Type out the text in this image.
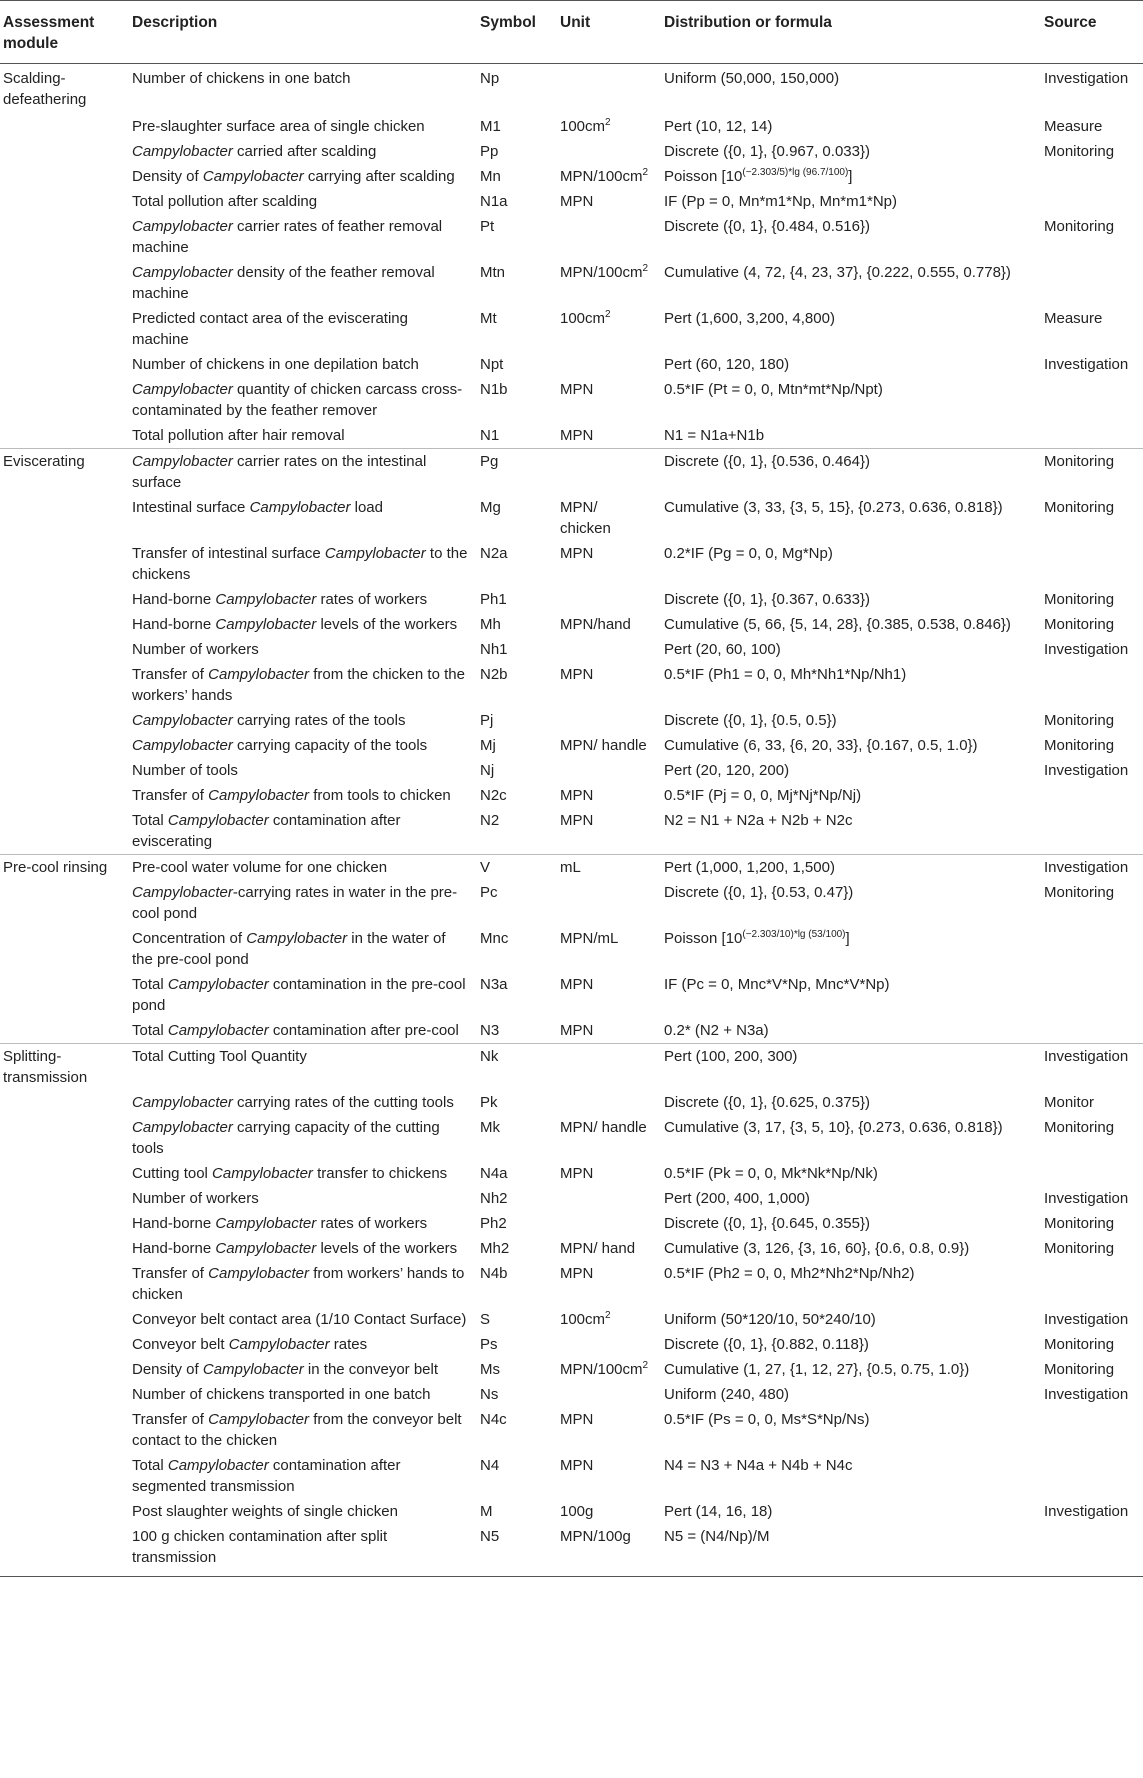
Assessment module	Description	Symbol	Unit	Distribution or formula	Source
Scalding-defeathering	Number of chickens in one batch	Np		Uniform (50,000, 150,000)	Investigation
	Pre-slaughter surface area of single chicken	M1	$100cm^2$	Pert (10, 12, 14)	Measure
	Campylobacter carried after scalding	Pp		Discrete ({0, 1}, {0.967, 0.033})	Monitoring
	Density of Campylobacter carrying after scalding	Mn	MPN/$100cm^2$	Poisson $[10^{(-2.303/5)*lg (96.7/100)}]$	
	Total pollution after scalding	N1a	MPN	IF (Pp = 0, Mn*m1*Np, Mn*m1*Np)	
	Campylobacter carrier rates of feather removal machine	Pt		Discrete ({0, 1}, {0.484, 0.516})	Monitoring
	Campylobacter density of the feather removal machine	Mtn	MPN/$100cm^2$	Cumulative (4, 72, {4, 23, 37}, {0.222, 0.555, 0.778})	
	Predicted contact area of the eviscerating machine	Mt	$100cm^2$	Pert (1,600, 3,200, 4,800)	Measure
	Number of chickens in one depilation batch	Npt		Pert (60, 120, 180)	Investigation
	Campylobacter quantity of chicken carcass cross-contaminated by the feather remover	N1b	MPN	0.5*IF (Pt = 0, 0, Mtn*mt*Np/Npt)	
	Total pollution after hair removal	N1	MPN	N1 = N1a+N1b	
Eviscerating	Campylobacter carrier rates on the intestinal surface	Pg		Discrete ({0, 1}, {0.536, 0.464})	Monitoring
	Intestinal surface Campylobacter load	Mg	MPN/ chicken	Cumulative (3, 33, {3, 5, 15}, {0.273, 0.636, 0.818})	Monitoring
	Transfer of intestinal surface Campylobacter to the chickens	N2a	MPN	0.2*IF (Pg = 0, 0, Mg*Np)	
	Hand-borne Campylobacter rates of workers	Ph1		Discrete ({0, 1}, {0.367, 0.633})	Monitoring
	Hand-borne Campylobacter levels of the workers	Mh	MPN/hand	Cumulative (5, 66, {5, 14, 28}, {0.385, 0.538, 0.846})	Monitoring
	Number of workers	Nh1		Pert (20, 60, 100)	Investigation
	Transfer of Campylobacter from the chicken to the workers’ hands	N2b	MPN	0.5*IF (Ph1 = 0, 0, Mh*Nh1*Np/Nh1)	
	Campylobacter carrying rates of the tools	Pj		Discrete ({0, 1}, {0.5, 0.5})	Monitoring
	Campylobacter carrying capacity of the tools	Mj	MPN/ handle	Cumulative (6, 33, {6, 20, 33}, {0.167, 0.5, 1.0})	Monitoring
	Number of tools	Nj		Pert (20, 120, 200)	Investigation
	Transfer of Campylobacter from tools to chicken	N2c	MPN	0.5*IF (Pj = 0, 0, Mj*Nj*Np/Nj)	
	Total Campylobacter contamination after eviscerating	N2	MPN	N2 = N1 + N2a + N2b + N2c	
Pre-cool rinsing	Pre-cool water volume for one chicken	V	mL	Pert (1,000, 1,200, 1,500)	Investigation
	Campylobacter-carrying rates in water in the pre-cool pond	Pc		Discrete ({0, 1}, {0.53, 0.47})	Monitoring
	Concentration of Campylobacter in the water of the pre-cool pond	Mnc	MPN/mL	Poisson $[10^{(-2.303/10)*lg (53/100)}]$	
	Total Campylobacter contamination in the pre-cool pond	N3a	MPN	IF (Pc = 0, Mnc*V*Np, Mnc*V*Np)	
	Total Campylobacter contamination after pre-cool	N3	MPN	0.2* (N2 + N3a)	
Splitting-transmission	Total Cutting Tool Quantity	Nk		Pert (100, 200, 300)	Investigation
	Campylobacter carrying rates of the cutting tools	Pk		Discrete ({0, 1}, {0.625, 0.375})	Monitor
	Campylobacter carrying capacity of the cutting tools	Mk	MPN/ handle	Cumulative (3, 17, {3, 5, 10}, {0.273, 0.636, 0.818})	Monitoring
	Cutting tool Campylobacter transfer to chickens	N4a	MPN	0.5*IF (Pk = 0, 0, Mk*Nk*Np/Nk)	
	Number of workers	Nh2		Pert (200, 400, 1,000)	Investigation
	Hand-borne Campylobacter rates of workers	Ph2		Discrete ({0, 1}, {0.645, 0.355})	Monitoring
	Hand-borne Campylobacter levels of the workers	Mh2	MPN/ hand	Cumulative (3, 126, {3, 16, 60}, {0.6, 0.8, 0.9})	Monitoring
	Transfer of Campylobacter from workers’ hands to chicken	N4b	MPN	0.5*IF (Ph2 = 0, 0, Mh2*Nh2*Np/Nh2)	
	Conveyor belt contact area (1/10 Contact Surface)	S	$100cm^2$	Uniform (50*120/10, 50*240/10)	Investigation
	Conveyor belt Campylobacter rates	Ps		Discrete ({0, 1}, {0.882, 0.118})	Monitoring
	Density of Campylobacter in the conveyor belt	Ms	MPN/$100cm^2$	Cumulative (1, 27, {1, 12, 27}, {0.5, 0.75, 1.0})	Monitoring
	Number of chickens transported in one batch	Ns		Uniform (240, 480)	Investigation
	Transfer of Campylobacter from the conveyor belt contact to the chicken	N4c	MPN	0.5*IF (Ps = 0, 0, Ms*S*Np/Ns)	
	Total Campylobacter contamination after segmented transmission	N4	MPN	N4 = N3 + N4a + N4b + N4c	
	Post slaughter weights of single chicken	M	100g	Pert (14, 16, 18)	Investigation
	100 g chicken contamination after split transmission	N5	MPN/100g	N5 = (N4/Np)/M	
